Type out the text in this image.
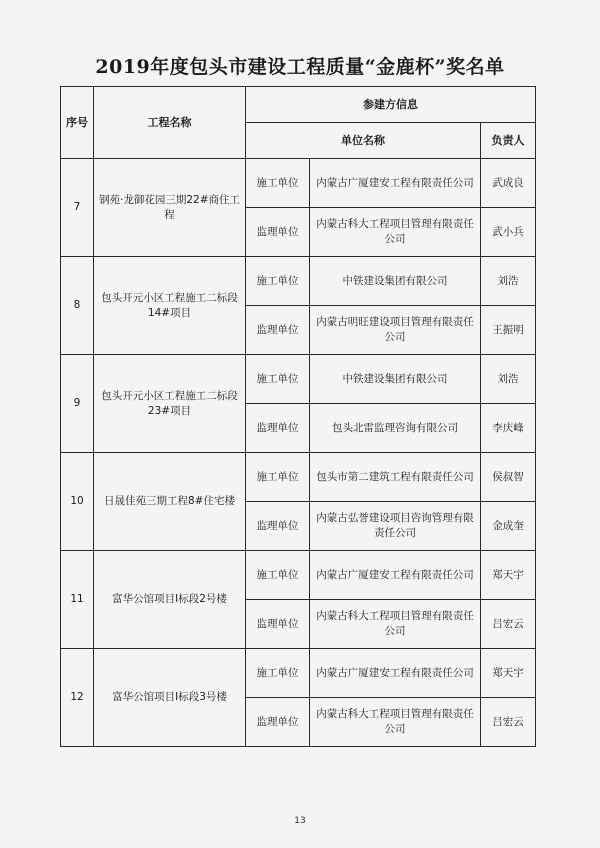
2019年度包头市建设工程质量“金鹿杯”奖名单
序号	工程名称	参建方信息		
		单位名称		负责人
7	钢苑·龙御花园三期22#商住工程	施工单位	内蒙古广厦建安工程有限责任公司	武成良
		监理单位	内蒙古科大工程项目管理有限责任公司	武小兵
8	包头开元小区工程施工二标段14#项目	施工单位	中铁建设集团有限公司	刘浩
		监理单位	内蒙古明旺建设项目管理有限责任公司	王振明
9	包头开元小区工程施工二标段23#项目	施工单位	中铁建设集团有限公司	刘浩
		监理单位	包头北雷监理咨询有限公司	李庆峰
10	日晟佳苑三期工程8#住宅楼	施工单位	包头市第二建筑工程有限责任公司	侯叔智
		监理单位	内蒙古弘誉建设项目咨询管理有限责任公司	金成奎
11	富华公馆项目I标段2号楼	施工单位	内蒙古广厦建安工程有限责任公司	郑天宇
		监理单位	内蒙古科大工程项目管理有限责任公司	吕宏云
12	富华公馆项目I标段3号楼	施工单位	内蒙古广厦建安工程有限责任公司	郑天宇
		监理单位	内蒙古科大工程项目管理有限责任公司	吕宏云
13
